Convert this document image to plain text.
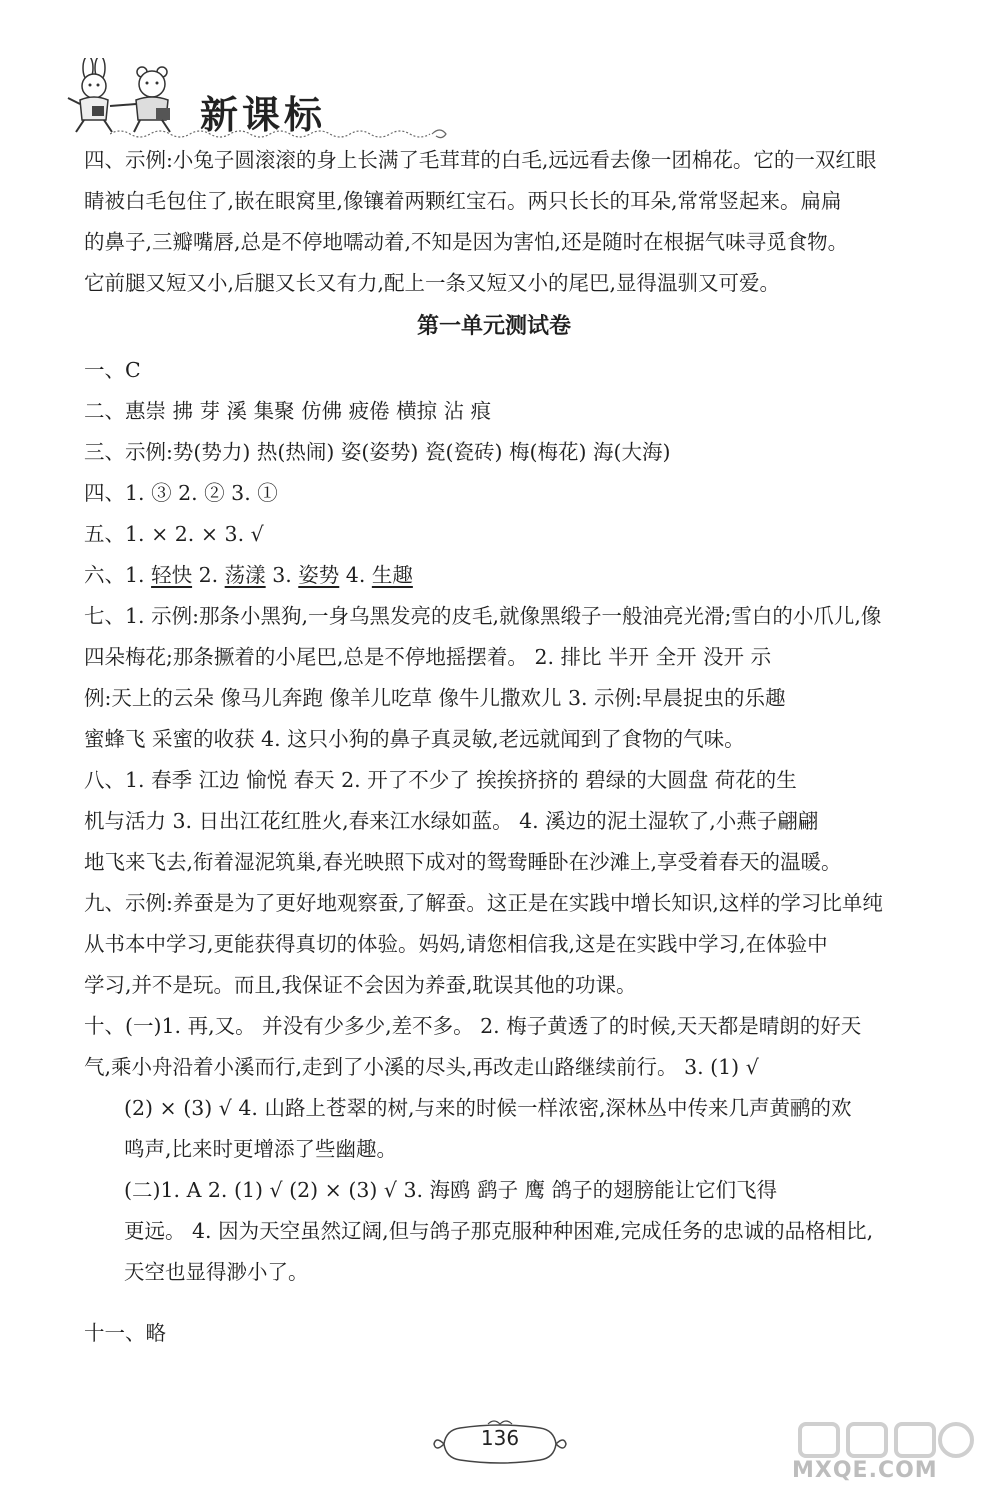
新课标
四、示例:小兔子圆滚滚的身上长满了毛茸茸的白毛,远远看去像一团棉花。它的一双红眼
睛被白毛包住了,嵌在眼窝里,像镶着两颗红宝石。两只长长的耳朵,常常竖起来。扁扁
的鼻子,三瓣嘴唇,总是不停地嚅动着,不知是因为害怕,还是随时在根据气味寻觅食物。
它前腿又短又小,后腿又长又有力,配上一条又短又小的尾巴,显得温驯又可爱。
第一单元测试卷
一、C
二、惠崇 拂 芽 溪 集聚 仿佛 疲倦 横掠 沾 痕
三、示例:势(势力) 热(热闹) 姿(姿势) 瓷(瓷砖) 梅(梅花) 海(大海)
四、1. ③ 2. ② 3. ①
五、1. × 2. × 3. √
六、1. 轻快 2. 荡漾 3. 姿势 4. 生趣
七、1. 示例:那条小黑狗,一身乌黑发亮的皮毛,就像黑缎子一般油亮光滑;雪白的小爪儿,像
四朵梅花;那条撅着的小尾巴,总是不停地摇摆着。 2. 排比 半开 全开 没开 示
例:天上的云朵 像马儿奔跑 像羊儿吃草 像牛儿撒欢儿 3. 示例:早晨捉虫的乐趣
蜜蜂飞 采蜜的收获 4. 这只小狗的鼻子真灵敏,老远就闻到了食物的气味。
八、1. 春季 江边 愉悦 春天 2. 开了不少了 挨挨挤挤的 碧绿的大圆盘 荷花的生
机与活力 3. 日出江花红胜火,春来江水绿如蓝。 4. 溪边的泥土湿软了,小燕子翩翩
地飞来飞去,衔着湿泥筑巢,春光映照下成对的鸳鸯睡卧在沙滩上,享受着春天的温暖。
九、示例:养蚕是为了更好地观察蚕,了解蚕。这正是在实践中增长知识,这样的学习比单纯
从书本中学习,更能获得真切的体验。妈妈,请您相信我,这是在实践中学习,在体验中
学习,并不是玩。而且,我保证不会因为养蚕,耽误其他的功课。
十、(一)1. 再,又。 并没有少多少,差不多。 2. 梅子黄透了的时候,天天都是晴朗的好天
气,乘小舟沿着小溪而行,走到了小溪的尽头,再改走山路继续前行。 3. (1) √
(2) × (3) √ 4. 山路上苍翠的树,与来的时候一样浓密,深林丛中传来几声黄鹂的欢
鸣声,比来时更增添了些幽趣。
(二)1. A 2. (1) √ (2) × (3) √ 3. 海鸥 鹞子 鹰 鸽子的翅膀能让它们飞得
更远。 4. 因为天空虽然辽阔,但与鸽子那克服种种困难,完成任务的忠诚的品格相比,
天空也显得渺小了。
十一、略
136
MXQE.COM
